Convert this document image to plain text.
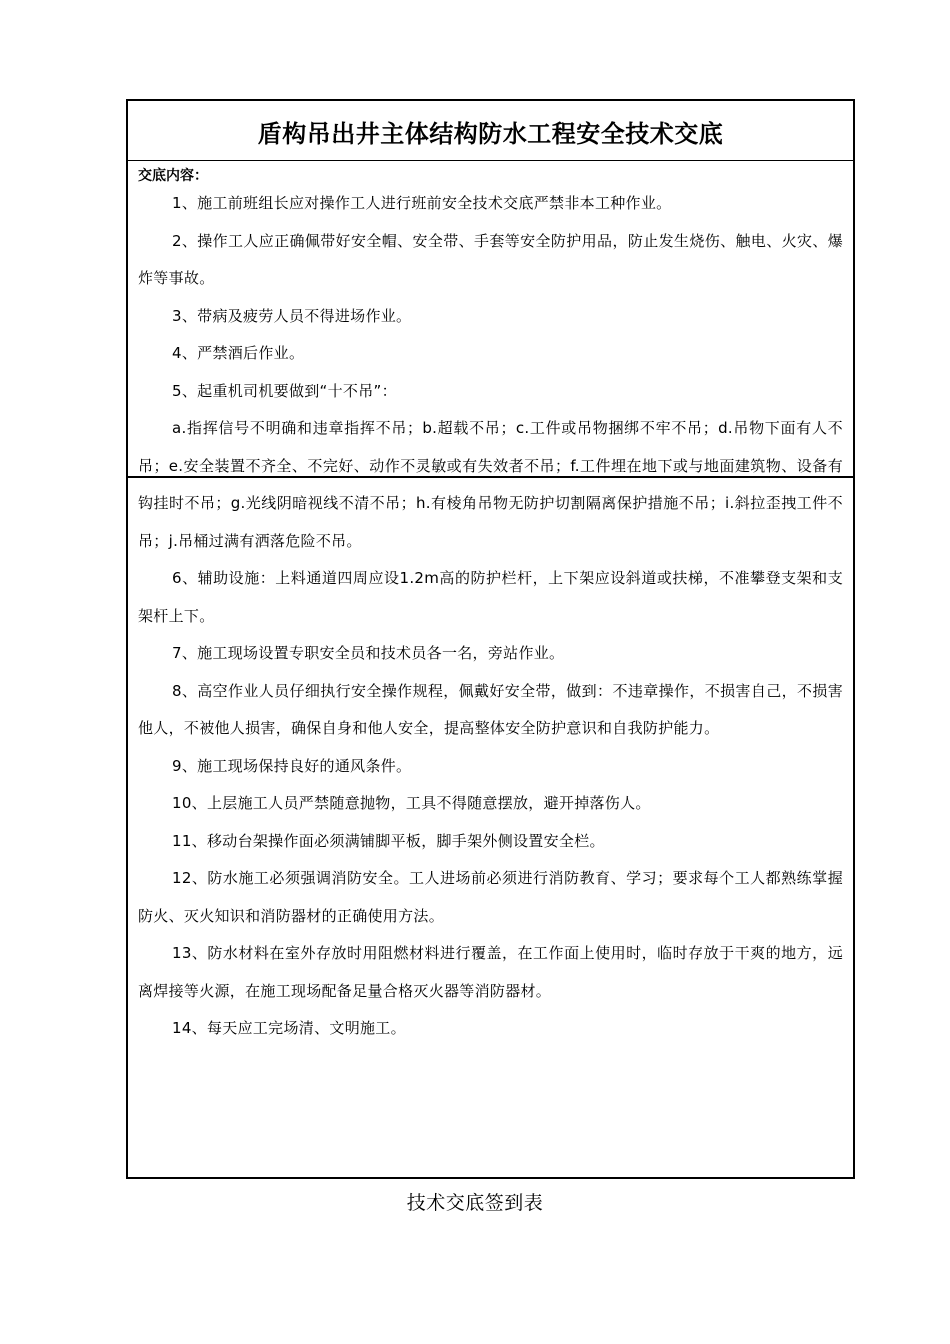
盾构吊出井主体结构防水工程安全技术交底
交底内容：

1、施工前班组长应对操作工人进行班前安全技术交底严禁非本工种作业。

2、操作工人应正确佩带好安全帽、安全带、手套等安全防护用品，防止发生烧伤、触电、火灾、爆炸等事故。

3、带病及疲劳人员不得进场作业。

4、严禁酒后作业。

5、起重机司机要做到“十不吊”：

a.指挥信号不明确和违章指挥不吊；b.超载不吊；c.工件或吊物捆绑不牢不吊；d.吊物下面有人不吊；e.安全装置不齐全、不完好、动作不灵敏或有失效者不吊；f.工件埋在地下或与地面建筑物、设备有钩挂时不吊；g.光线阴暗视线不清不吊；h.有棱角吊物无防护切割隔离保护措施不吊；i.斜拉歪拽工件不吊；j.吊桶过满有洒落危险不吊。

6、辅助设施：上料通道四周应设1.2m高的防护栏杆，上下架应设斜道或扶梯，不准攀登支架和支架杆上下。

7、施工现场设置专职安全员和技术员各一名，旁站作业。

8、高空作业人员仔细执行安全操作规程，佩戴好安全带，做到：不违章操作，不损害自己，不损害他人，不被他人损害，确保自身和他人安全，提高整体安全防护意识和自我防护能力。

9、施工现场保持良好的通风条件。

10、上层施工人员严禁随意抛物，工具不得随意摆放，避开掉落伤人。

11、移动台架操作面必须满铺脚平板，脚手架外侧设置安全栏。

12、防水施工必须强调消防安全。工人进场前必须进行消防教育、学习；要求每个工人都熟练掌握防火、灭火知识和消防器材的正确使用方法。

13、防水材料在室外存放时用阻燃材料进行覆盖，在工作面上使用时，临时存放于干爽的地方，远离焊接等火源，在施工现场配备足量合格灭火器等消防器材。

14、每天应工完场清、文明施工。

技术交底签到表
